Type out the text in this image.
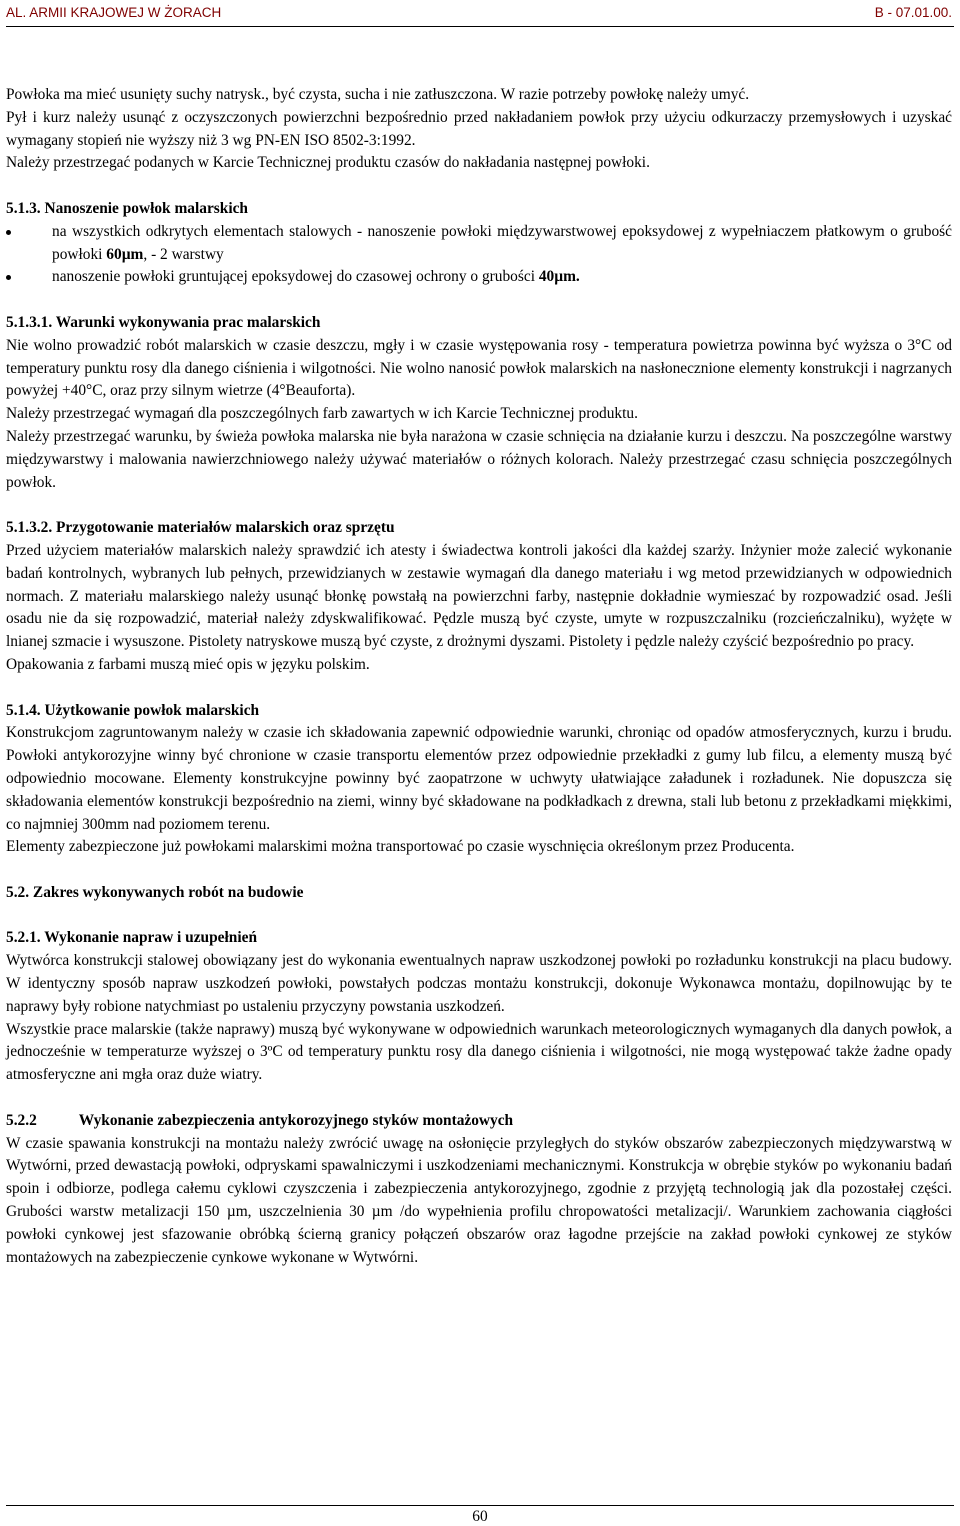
AL. ARMII KRAJOWEJ W ŻORACH	B - 07.01.00.

Powłoka ma mieć usunięty suchy natrysk., być czysta, sucha i nie zatłuszczona. W razie potrzeby powłokę należy umyć.

Pył i kurz należy usunąć z oczyszczonych powierzchni bezpośrednio przed nakładaniem powłok przy użyciu odkurzaczy przemysłowych i uzyskać wymagany stopień nie wyższy niż 3 wg PN-EN ISO 8502-3:1992.

Należy przestrzegać podanych w Karcie Technicznej produktu czasów do nakładania następnej powłoki.

5.1.3. Nanoszenie powłok malarskich
na wszystkich odkrytych elementach stalowych - nanoszenie powłoki międzywarstwowej epoksydowej z wypełniaczem płatkowym o grubość powłoki 60µm, - 2 warstwy
nanoszenie powłoki gruntującej epoksydowej do czasowej ochrony o grubości 40µm.
5.1.3.1. Warunki wykonywania prac malarskich

Nie wolno prowadzić robót malarskich w czasie deszczu, mgły i w czasie występowania rosy - temperatura powietrza powinna być wyższa o 3°C od temperatury punktu rosy dla danego ciśnienia i wilgotności. Nie wolno nanosić powłok malarskich na nasłonecznione elementy konstrukcji i nagrzanych powyżej +40°C, oraz przy silnym wietrze (4°Beaufortа).

Należy przestrzegać wymagań dla poszczególnych farb zawartych w ich Karcie Technicznej produktu.

Należy przestrzegać warunku, by świeża powłoka malarska nie była narażona w czasie schnięcia na działanie kurzu i deszczu. Na poszczególne warstwy międzywarstwy i malowania nawierzchniowego należy używać materiałów o różnych kolorach. Należy przestrzegać czasu schnięcia poszczególnych powłok.

5.1.3.2. Przygotowanie materiałów malarskich oraz sprzętu

Przed użyciem materiałów malarskich należy sprawdzić ich atesty i świadectwa kontroli jakości dla każdej szarży. Inżynier może zalecić wykonanie badań kontrolnych, wybranych lub pełnych, przewidzianych w zestawie wymagań dla danego materiału i wg metod przewidzianych w odpowiednich normach. Z materiału malarskiego należy usunąć błonkę powstałą na powierzchni farby, następnie dokładnie wymieszać by rozpowadzić osad. Jeśli osadu nie da się rozpowadzić, materiał należy zdyskwalifikować. Pędzle muszą być czyste, umyte w rozpuszczalniku (rozcieńczalniku), wyżęte w lnianej szmacie i wysuszone. Pistolety natryskowe muszą być czyste, z drożnymi dyszami. Pistolety i pędzle należy czyścić bezpośrednio po pracy.

Opakowania z farbami muszą mieć opis w języku polskim.

5.1.4. Użytkowanie powłok malarskich

Konstrukcjom zagruntowanym należy w czasie ich składowania zapewnić odpowiednie warunki, chroniąc od opadów atmosferycznych, kurzu i brudu. Powłoki antykorozyjne winny być chronione w czasie transportu elementów przez odpowiednie przekładki z gumy lub filcu, a elementy muszą być odpowiednio mocowane. Elementy konstrukcyjne powinny być zaopatrzone w uchwyty ułatwiające załadunek i rozładunek. Nie dopuszcza się składowania elementów konstrukcji bezpośrednio na ziemi, winny być składowane na podkładkach z drewna, stali lub betonu z przekładkami miękkimi, co najmniej 300mm nad poziomem terenu.

Elementy zabezpieczone już powłokami malarskimi można transportować po czasie wyschnięcia określonym przez Producenta.

5.2. Zakres wykonywanych robót na budowie
5.2.1. Wykonanie napraw i uzupełnień

Wytwórca konstrukcji stalowej obowiązany jest do wykonania ewentualnych napraw uszkodzonej powłoki po rozładunku konstrukcji na placu budowy. W identyczny sposób napraw uszkodzeń powłoki, powstałych podczas montażu konstrukcji, dokonuje Wykonawca montażu, dopilnowując by te naprawy były robione natychmiast po ustaleniu przyczyny powstania uszkodzeń.

Wszystkie prace malarskie (także naprawy) muszą być wykonywane w odpowiednich warunkach meteorologicznych wymaganych dla danych powłok, a jednocześnie w temperaturze wyższej o 3ºC od temperatury punktu rosy dla danego ciśnienia i wilgotności, nie mogą występować także żadne opady atmosferyczne ani mgła oraz duże wiatry.

5.2.2	Wykonanie zabezpieczenia antykorozyjnego styków montażowych

W czasie spawania konstrukcji na montażu należy zwrócić uwagę na osłonięcie przyległych do styków obszarów zabezpieczonych międzywarstwą w Wytwórni, przed dewastacją powłoki, odpryskami spawalniczymi i uszkodzeniami mechanicznymi. Konstrukcja w obrębie styków po wykonaniu badań spoin i odbiorze, podlega całemu cyklowi czyszczenia i zabezpieczenia antykorozyjnego, zgodnie z przyjętą technologią jak dla pozostałej części. Grubości warstw metalizacji 150 µm, uszczelnienia 30 µm /do wypełnienia profilu chropowatości metalizacji/. Warunkiem zachowania ciągłości powłoki cynkowej jest sfazowanie obróbką ścierną granicy połączeń obszarów oraz łagodne przejście na zakład powłoki cynkowej ze styków montażowych na zabezpieczenie cynkowe wykonane w Wytwórni.

60
